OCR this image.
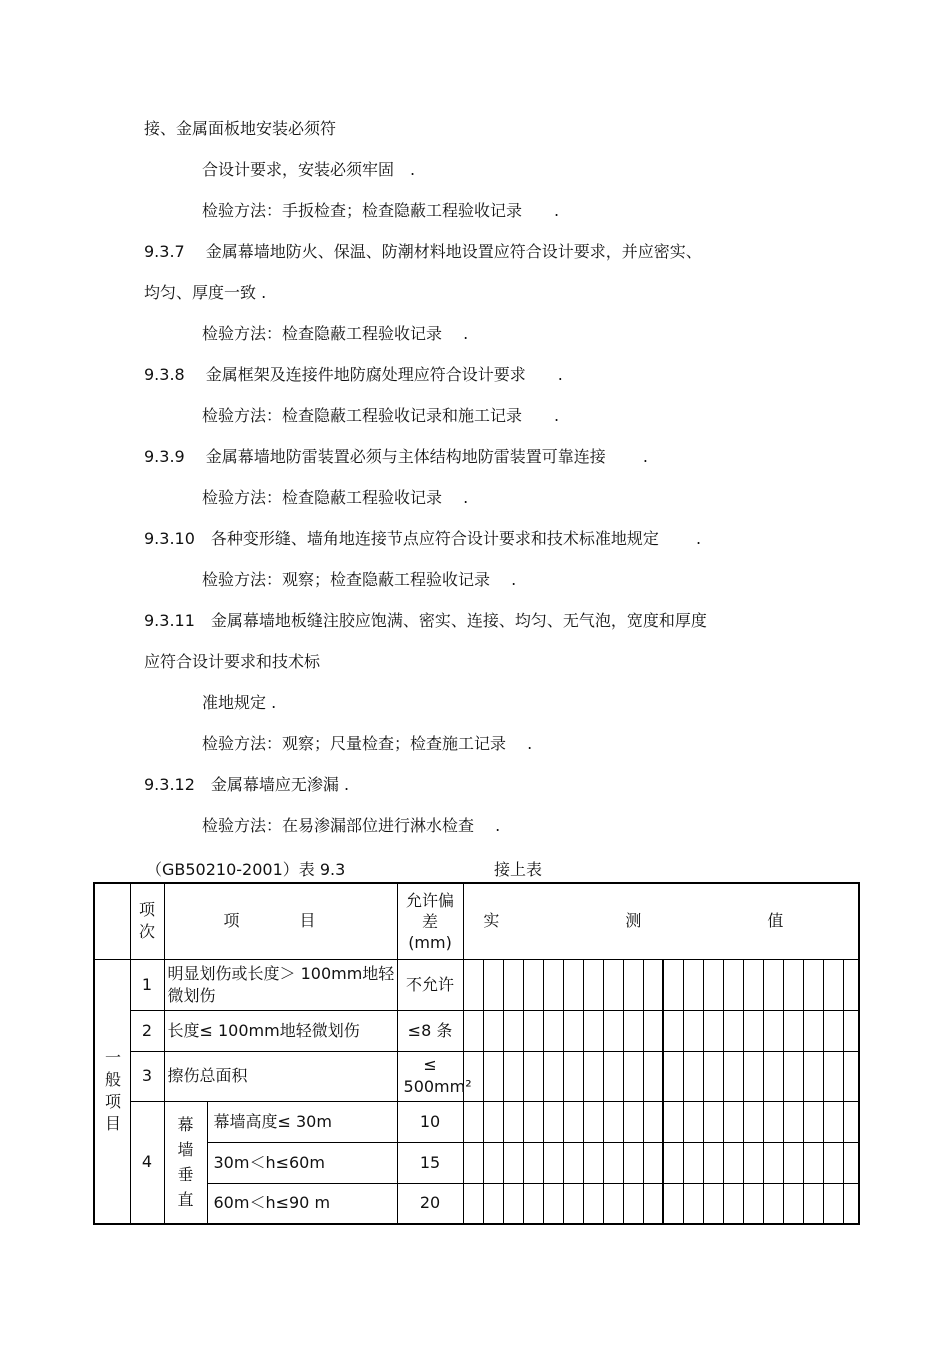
接、金属面板地安装必须符
合设计要求，安装必须牢固　.
检验方法：手扳检查；检查隐蔽工程验收记录　　.
9.3.7　 金属幕墙地防火、保温、防潮材料地设置应符合设计要求，并应密实、
均匀、厚度一致 .
检验方法：检查隐蔽工程验收记录　 .
9.3.8　 金属框架及连接件地防腐处理应符合设计要求　　.
检验方法：检查隐蔽工程验收记录和施工记录　　.
9.3.9　 金属幕墙地防雷装置必须与主体结构地防雷装置可靠连接　　 .
检验方法：检查隐蔽工程验收记录　 .
9.3.10　各种变形缝、墙角地连接节点应符合设计要求和技术标准地规定　　 .
检验方法：观察；检查隐蔽工程验收记录　 .
9.3.11　金属幕墙地板缝注胶应饱满、密实、连接、均匀、无气泡，宽度和厚度
应符合设计要求和技术标
准地规定 .
检验方法：观察；尺量检查；检查施工记录　 .
9.3.12　金属幕墙应无渗漏 .
检验方法：在易渗漏部位进行淋水检查　 .
（GB50210-2001）表 9.3	接上表
	项次	项　目		允许偏差(mm)	实　测　值																			
一般项目	1	明显划伤或长度＞ 100mm地轻微划伤		不允许																				
	2	长度≤ 100mm地轻微划伤		≤8 条																				
	3	擦伤总面积		≤ 500mm²																				
	4	幕墙垂直	幕墙高度≤ 30m	10																				
			30m＜h≤60m	15																				
			60m＜h≤90 m	20																				
